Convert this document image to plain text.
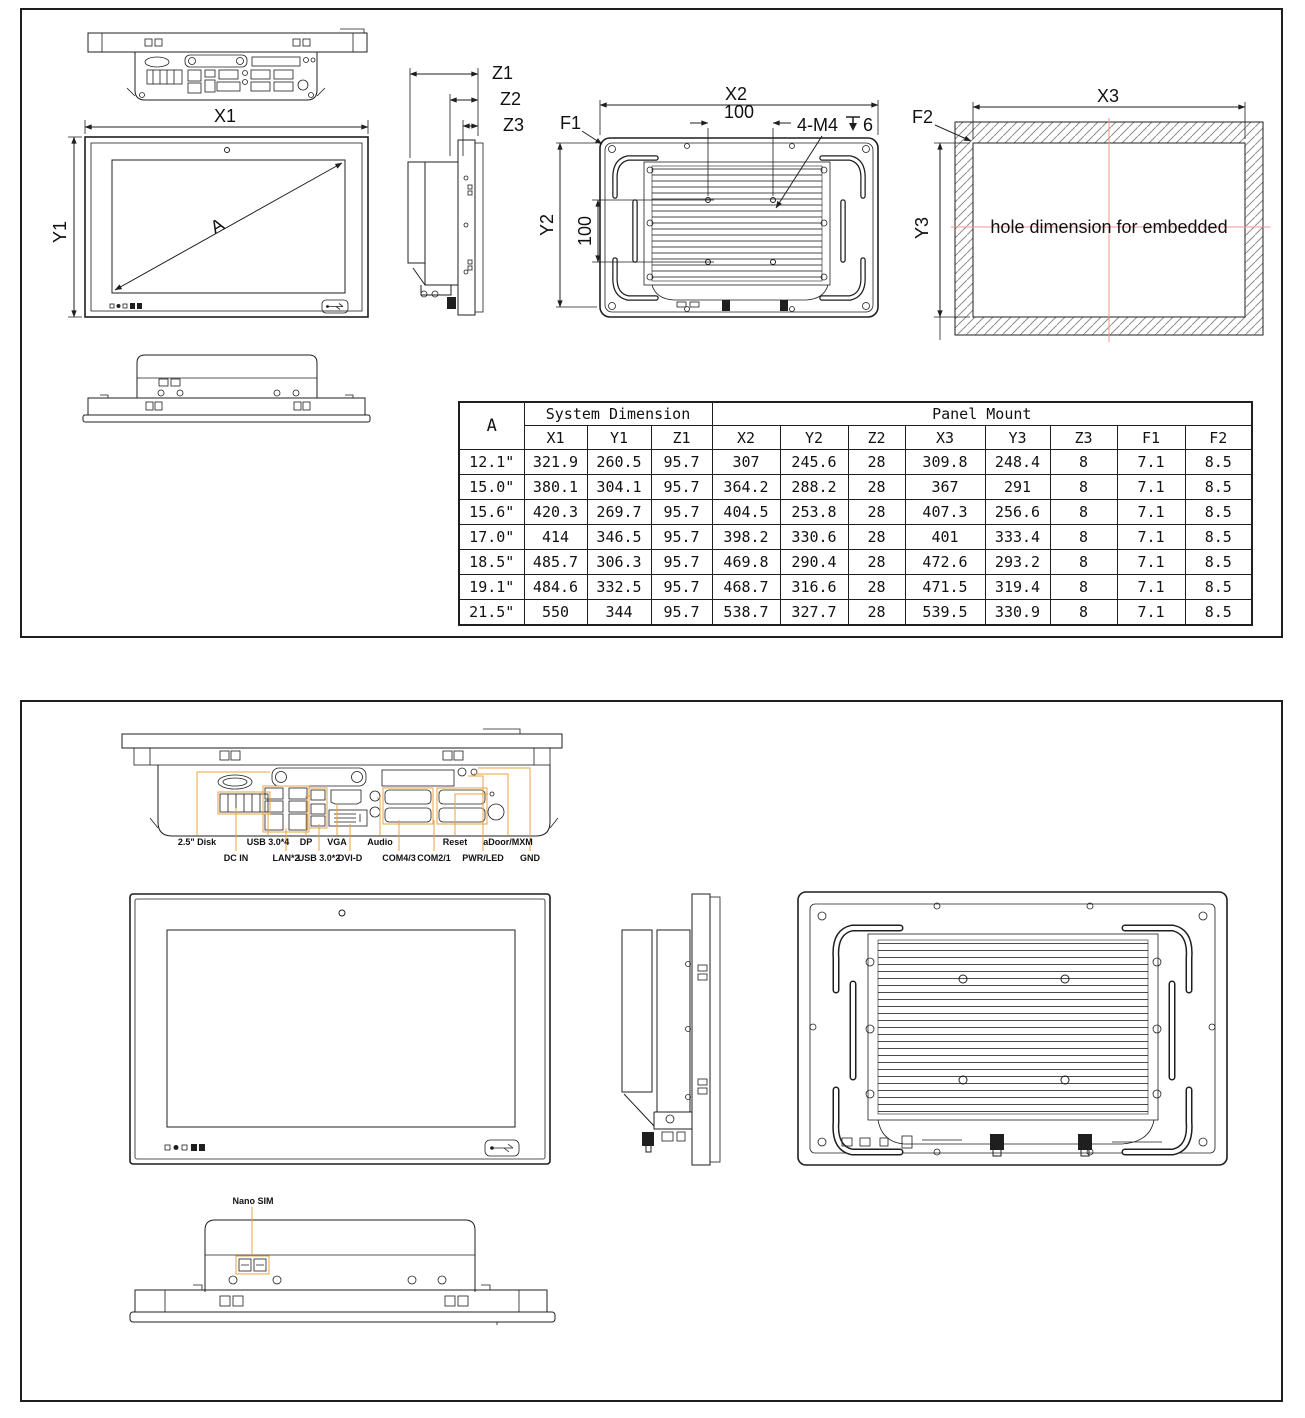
A
X1
Y1
Z1
Z2
Z3
X2
100
Y2 100
F1	4-M4 6
hole dimension for embedded
X3
Y3
F2
A	System Dimension			Panel Mount							
	X1	Y1	Z1	X2	Y2	Z2	X3	Y3	Z3	F1	F2
12.1"	321.9	260.5	95.7	307	245.6	28	309.8	248.4	8	7.1	8.5
15.0"	380.1	304.1	95.7	364.2	288.2	28	367	291	8	7.1	8.5
15.6"	420.3	269.7	95.7	404.5	253.8	28	407.3	256.6	8	7.1	8.5
17.0"	414	346.5	95.7	398.2	330.6	28	401	333.4	8	7.1	8.5
18.5"	485.7	306.3	95.7	469.8	290.4	28	472.6	293.2	8	7.1	8.5
19.1"	484.6	332.5	95.7	468.7	316.6	28	471.5	319.4	8	7.1	8.5
21.5"	550	344	95.7	538.7	327.7	28	539.5	330.9	8	7.1	8.5
2.5" Disk	USB 3.0*4 DP VGA Audio	Reset aDoor/MXM
DC IN	LAN*2
USB 3.0*2
DVI-D COM4/3 COM2/1 PWR/LED GND
Nano SIM
